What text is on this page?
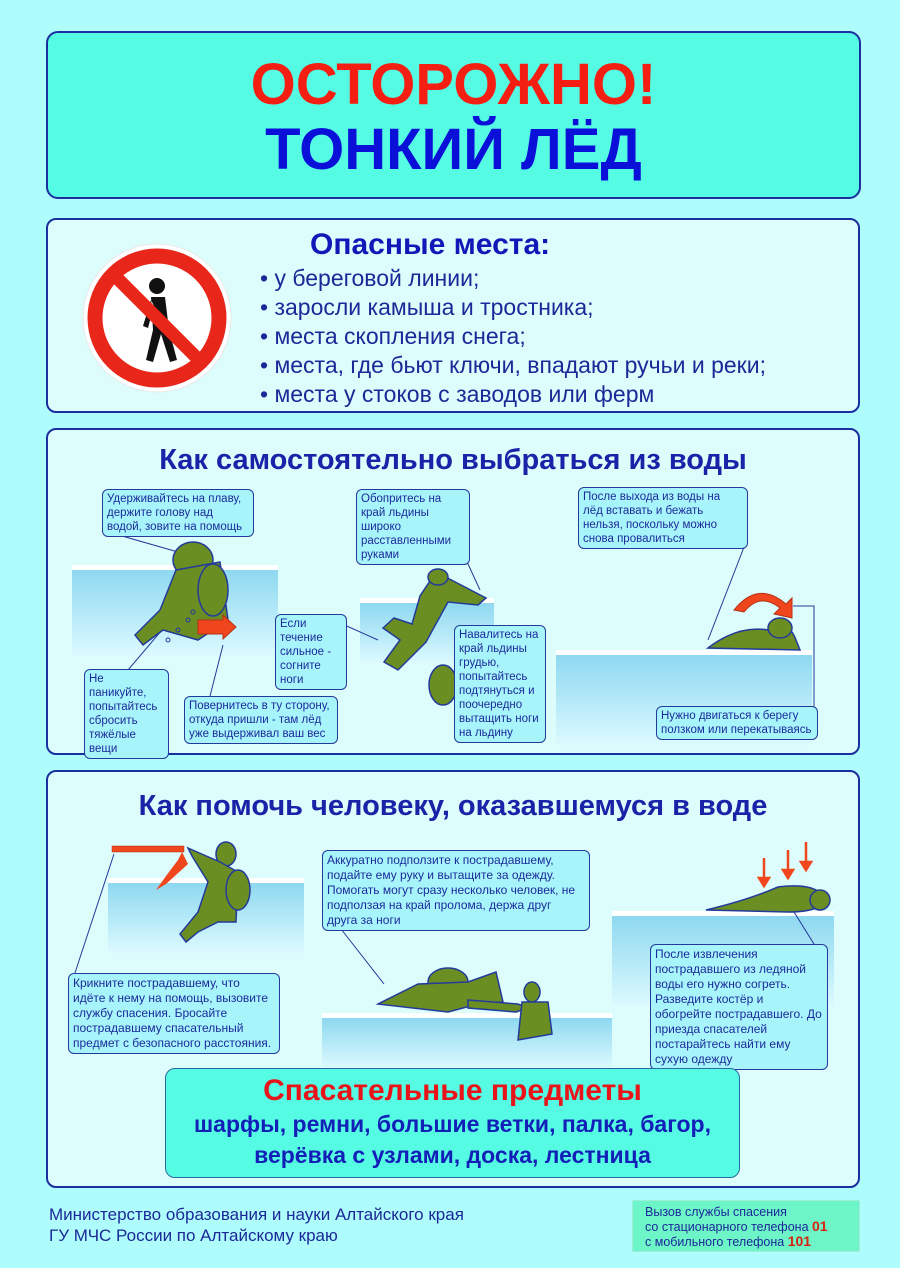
ОСТОРОЖНО!
ТОНКИЙ ЛЁД
Опасные места:
• у береговой линии;
• заросли камыша и тростника;
• места скопления снега;
• места, где бьют ключи, впадают ручьи и реки;
• места у стоков с заводов или ферм
Как самостоятельно выбраться из воды
Удерживайтесь на плаву, держите голову над водой, зовите на помощь
Не паникуйте, попытайтесь сбросить тяжёлые вещи
Повернитесь в ту сторону, откуда пришли - там лёд уже выдерживал ваш вес
Если течение сильное - согните ноги
Обопритесь на край льдины широко расставленными руками
Навалитесь на край льдины грудью, попытайтесь подтянуться и поочередно вытащить ноги на льдину
После выхода из воды на лёд вставать и бежать нельзя, поскольку можно снова провалиться
Нужно двигаться к берегу ползком или перекатываясь
Как помочь человеку, оказавшемуся в воде
Крикните пострадавшему, что идёте к нему на помощь, вызовите службу спасения. Бросайте пострадавшему спасательный предмет с безопасного расстояния.
Аккуратно подползите к пострадавшему, подайте ему руку и вытащите за одежду. Помогать могут сразу несколько человек, не подползая на край пролома, держа друг друга за ноги
После извлечения пострадавшего из ледяной воды его нужно согреть. Разведите костёр и обогрейте пострадавшего. До приезда спасателей постарайтесь найти ему сухую одежду
Спасательные предметы
шарфы, ремни, большие ветки, палка, багор,
верёвка с узлами, доска, лестница
Министерство образования и науки Алтайского края
ГУ МЧС России по Алтайскому краю
Вызов службы спасения
со стационарного телефона 01
с мобильного телефона 101
